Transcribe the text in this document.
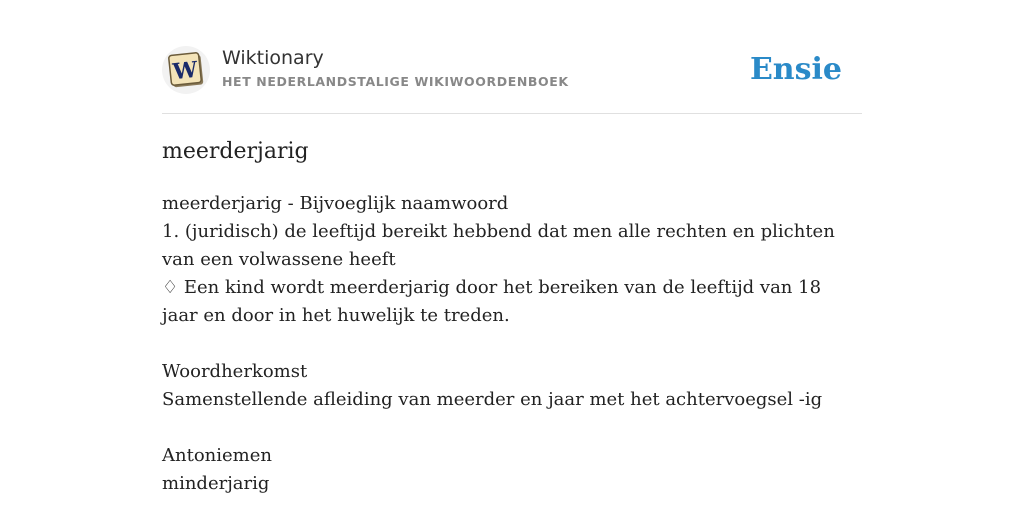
W Wiktionary
HET NEDERLANDSTALIGE WIKIWOORDENBOEK	Ensie
meerderjarig

meerderjarig - Bijvoeglijk naamwoord

1. (juridisch) de leeftijd bereikt hebbend dat men alle rechten en plichten van een volwassene heeft

♢ Een kind wordt meerderjarig door het bereiken van de leeftijd van 18 jaar en door in het huwelijk te treden.

Woordherkomst

Samenstellende afleiding van meerder en jaar met het achtervoegsel -ig

Antoniemen

minderjarig
